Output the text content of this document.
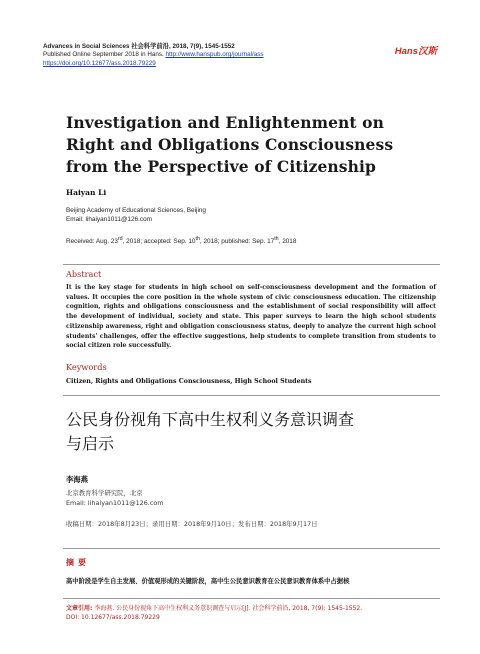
Advances in Social Sciences 社会科学前沿, 2018, 7(9), 1545-1552
Published Online September 2018 in Hans. http://www.hanspub.org/journal/ass
https://doi.org/10.12677/ass.2018.79229
Hans汉斯
Investigation and Enlightenment on Right and Obligations Consciousness from the Perspective of Citizenship
Haiyan Li
Beijing Academy of Educational Sciences, Beijing
Email: lihaiyan1011@126.com
Received: Aug. 23rd, 2018; accepted: Sep. 10th, 2018; published: Sep. 17th, 2018
Abstract
It is the key stage for students in high school on self-consciousness development and the formation of values. It occupies the core position in the whole system of civic consciousness education. The citizenship cognition, rights and obligations consciousness and the establishment of social responsibility will affect the development of individual, society and state. This paper surveys to learn the high school students citizenship awareness, right and obligation consciousness status, deeply to analyze the current high school students' challenges, offer the effective suggestions, help students to complete transition from students to social citizen role successfully.
Keywords
Citizen, Rights and Obligations Consciousness, High School Students
公民身份视角下高中生权利义务意识调查
与启示
李海燕
北京教育科学研究院，北京
Email: lihaiyan1011@126.com
收稿日期：2018年8月23日；录用日期：2018年9月10日；发布日期：2018年9月17日
摘要
高中阶段是学生自主发展、价值观形成的关键阶段，高中生公民意识教育在公民意识教育体系中占据核
文章引用: 李海燕. 公民身份视角下高中生权利义务意识调查与启示[J]. 社会科学前沿, 2018, 7(9): 1545-1552.
DOI: 10.12677/ass.2018.79229
